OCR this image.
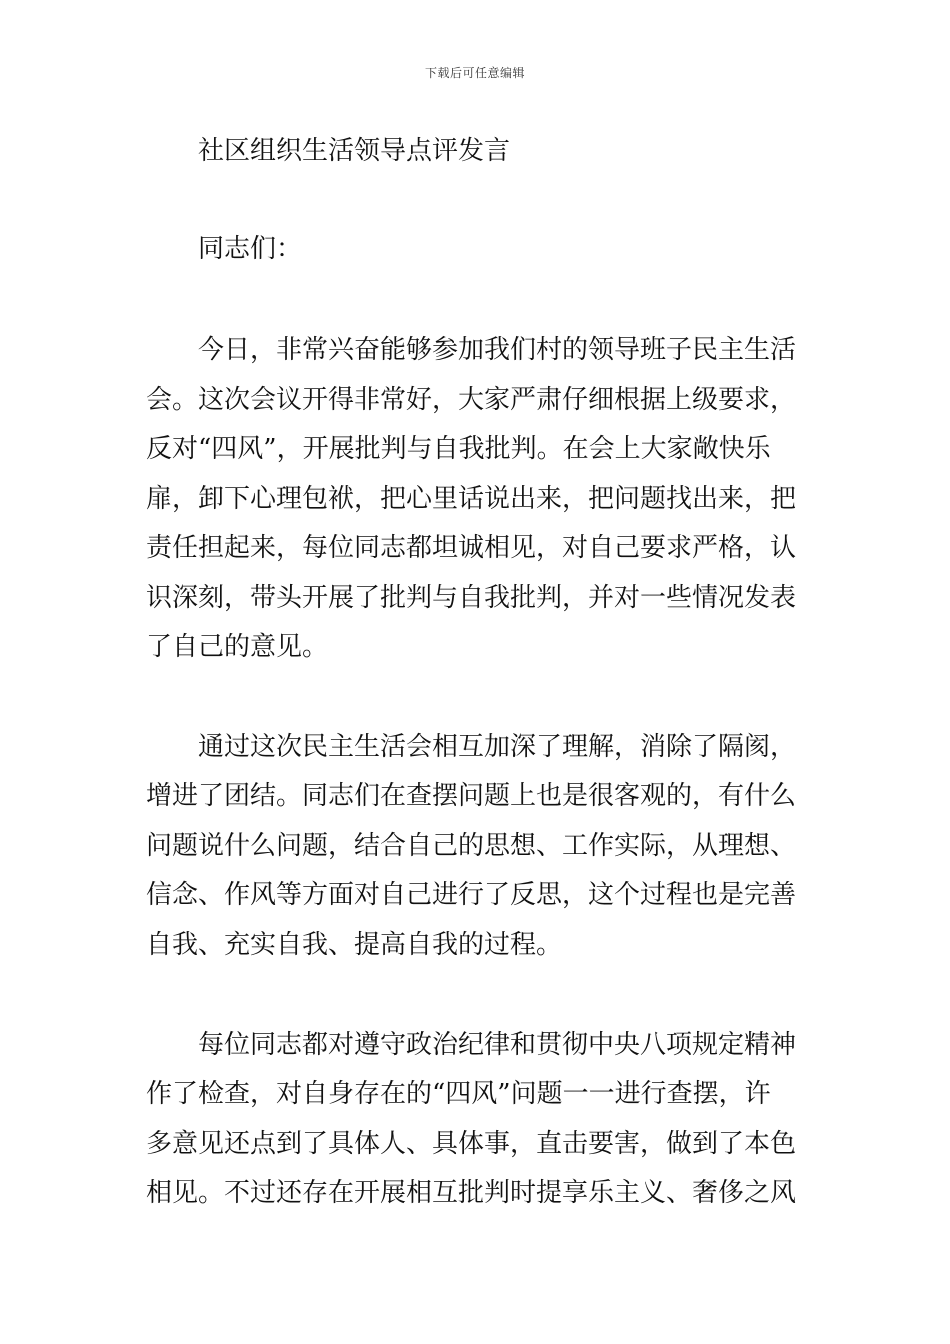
下载后可任意编辑
社区组织生活领导点评发言
同志们：
今日，非常兴奋能够参加我们村的领导班子民主生活
会。这次会议开得非常好，大家严肃仔细根据上级要求，
反对“四风”，开展批判与自我批判。在会上大家敞快乐
扉，卸下心理包袱，把心里话说出来，把问题找出来，把
责任担起来，每位同志都坦诚相见，对自己要求严格，认
识深刻，带头开展了批判与自我批判，并对一些情况发表
了自己的意见。
通过这次民主生活会相互加深了理解，消除了隔阂，
增进了团结。同志们在查摆问题上也是很客观的，有什么
问题说什么问题，结合自己的思想、工作实际，从理想、
信念、作风等方面对自己进行了反思，这个过程也是完善
自我、充实自我、提高自我的过程。
每位同志都对遵守政治纪律和贯彻中央八项规定精神
作了检查，对自身存在的“四风”问题一一进行查摆，许
多意见还点到了具体人、具体事，直击要害，做到了本色
相见。不过还存在开展相互批判时提享乐主义、奢侈之风
